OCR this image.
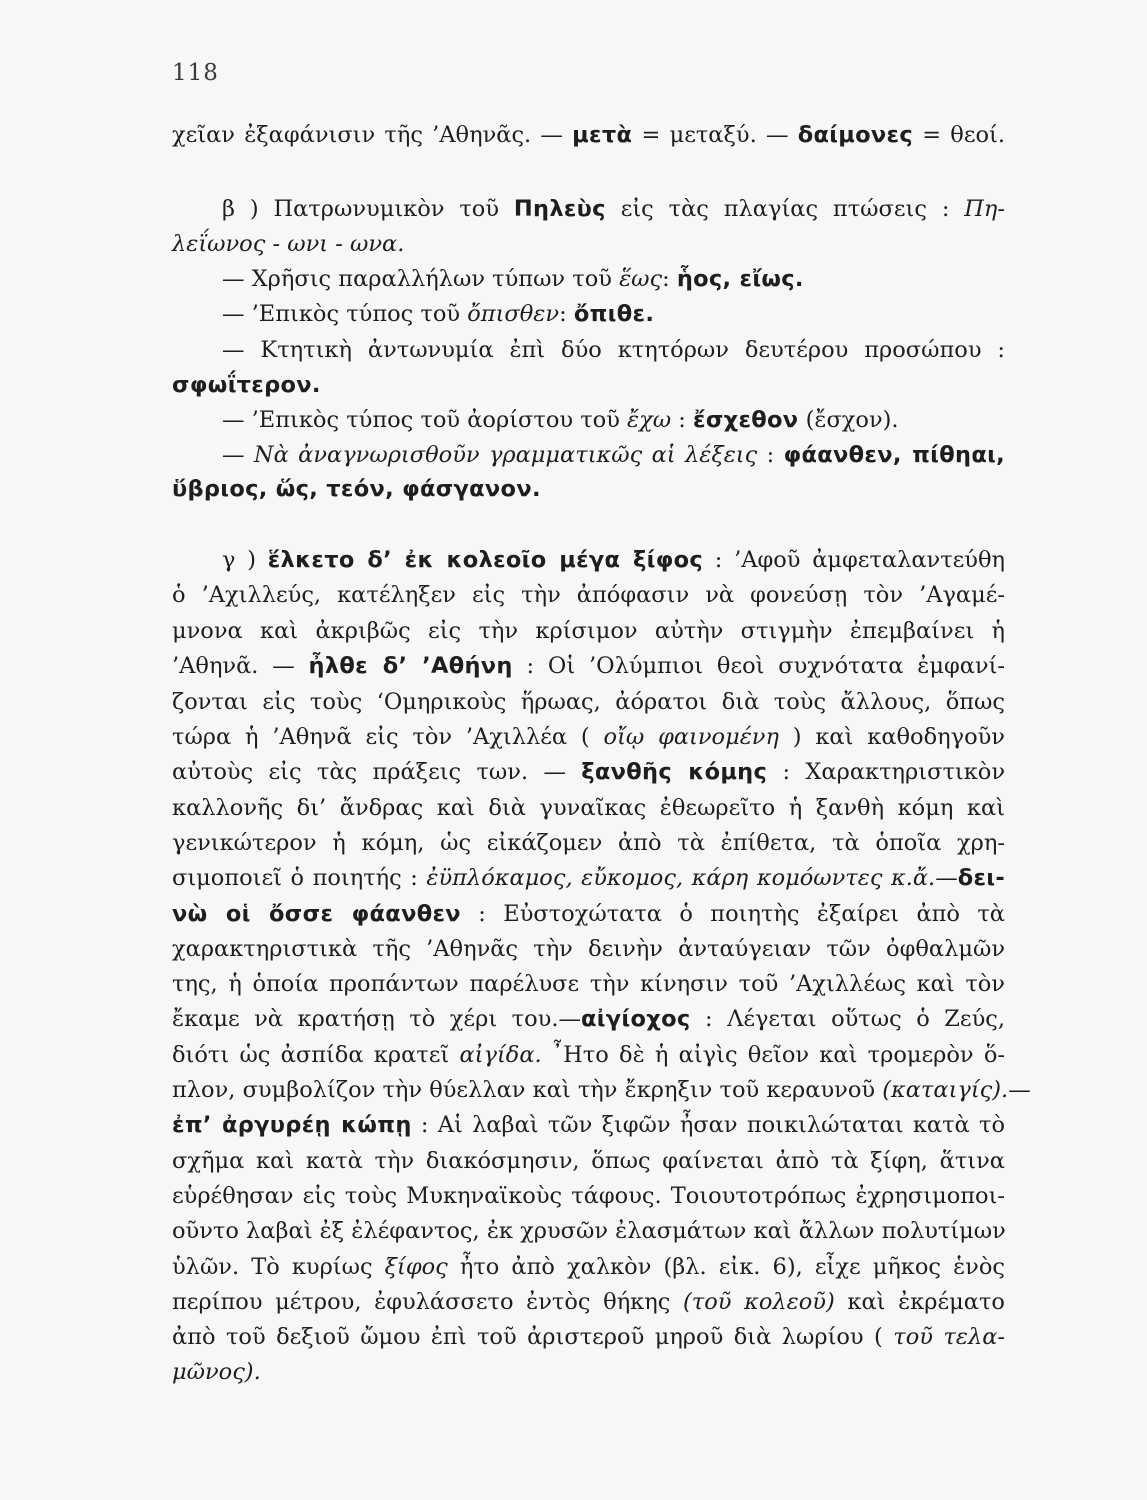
118
χεῖαν ἐξαφάνισιν τῆς ’Αθηνᾶς. — μετὰ = μεταξύ. — δαίμονες = θεοί.
β ) Πατρωνυμικὸν τοῦ Πηλεὺς εἰς τὰς πλαγίας πτώσεις : Πη-
λεΐωνος - ωνι - ωνα.
— Χρῆσις παραλλήλων τύπων τοῦ ἕως: ἧος, εἴως.
— ’Επικὸς τύπος τοῦ ὄπισθεν: ὄπιθε.
— Κτητικὴ ἀντωνυμία ἐπὶ δύο κτητόρων δευτέρου προσώπου :
σφωΐτερον.
— ’Επικὸς τύπος τοῦ ἀορίστου τοῦ ἔχω : ἔσχεθον (ἔσχον).
— Νὰ ἀναγνωρισθοῦν γραμματικῶς αἱ λέξεις : φάανθεν, πίθηαι,
ὕβριος, ὥς, τεόν, φάσγανον.
γ ) ἕλκετο δ’ ἐκ κολεοῖο μέγα ξίφος : ’Αφοῦ ἀμφεταλαντεύθη
ὁ ’Αχιλλεύς, κατέληξεν εἰς τὴν ἀπόφασιν νὰ φονεύσῃ τὸν ’Αγαμέ-
μνονα καὶ ἀκριβῶς εἰς τὴν κρίσιμον αὐτὴν στιγμὴν ἐπεμβαίνει ἡ
’Αθηνᾶ. — ἦλθε δ’ ’Αθήνη : Οἱ ’Ολύμπιοι θεοὶ συχνότατα ἐμφανί-
ζονται εἰς τοὺς ‘Ομηρικοὺς ἥρωας, ἀόρατοι διὰ τοὺς ἄλλους, ὅπως
τώρα ἡ ’Αθηνᾶ εἰς τὸν ’Αχιλλέα ( οἴῳ φαινομένη ) καὶ καθοδηγοῦν
αὐτοὺς εἰς τὰς πράξεις των. — ξανθῆς κόμης : Χαρακτηριστικὸν
καλλονῆς δι’ ἄνδρας καὶ διὰ γυναῖκας ἐθεωρεῖτο ἡ ξανθὴ κόμη καὶ
γενικώτερον ἡ κόμη, ὡς εἰκάζομεν ἀπὸ τὰ ἐπίθετα, τὰ ὁποῖα χρη-
σιμοποιεῖ ὁ ποιητής : ἐϋπλόκαμος, εὔκομος, κάρη κομόωντες κ.ἄ.—δει-
νὼ οἱ ὄσσε φάανθεν : Εὐστοχώτατα ὁ ποιητὴς ἐξαίρει ἀπὸ τὰ
χαρακτηριστικὰ τῆς ’Αθηνᾶς τὴν δεινὴν ἀνταύγειαν τῶν ὀφθαλμῶν
της, ἡ ὁποία προπάντων παρέλυσε τὴν κίνησιν τοῦ ’Αχιλλέως καὶ τὸν
ἔκαμε νὰ κρατήσῃ τὸ χέρι του.—αἰγίοχος : Λέγεται οὕτως ὁ Ζεύς,
διότι ὡς ἀσπίδα κρατεῖ αἰγίδα. ῏Ητο δὲ ἡ αἰγὶς θεῖον καὶ τρομερὸν ὅ-
πλον, συμβολίζον τὴν θύελλαν καὶ τὴν ἔκρηξιν τοῦ κεραυνοῦ (καταιγίς).—
ἐπ’ ἀργυρέῃ κώπῃ : Αἱ λαβαὶ τῶν ξιφῶν ἦσαν ποικιλώταται κατὰ τὸ
σχῆμα καὶ κατὰ τὴν διακόσμησιν, ὅπως φαίνεται ἀπὸ τὰ ξίφη, ἅτινα
εὑρέθησαν εἰς τοὺς Μυκηναϊκοὺς τάφους. Τοιουτοτρόπως ἐχρησιμοποι-
οῦντο λαβαὶ ἐξ ἐλέφαντος, ἐκ χρυσῶν ἐλασμάτων καὶ ἄλλων πολυτίμων
ὑλῶν. Τὸ κυρίως ξίφος ἦτο ἀπὸ χαλκὸν (βλ. εἰκ. 6), εἶχε μῆκος ἑνὸς
περίπου μέτρου, ἐφυλάσσετο ἐντὸς θήκης (τοῦ κολεοῦ) καὶ ἐκρέματο
ἀπὸ τοῦ δεξιοῦ ὤμου ἐπὶ τοῦ ἀριστεροῦ μηροῦ διὰ λωρίου ( τοῦ τελα-
μῶνος).
